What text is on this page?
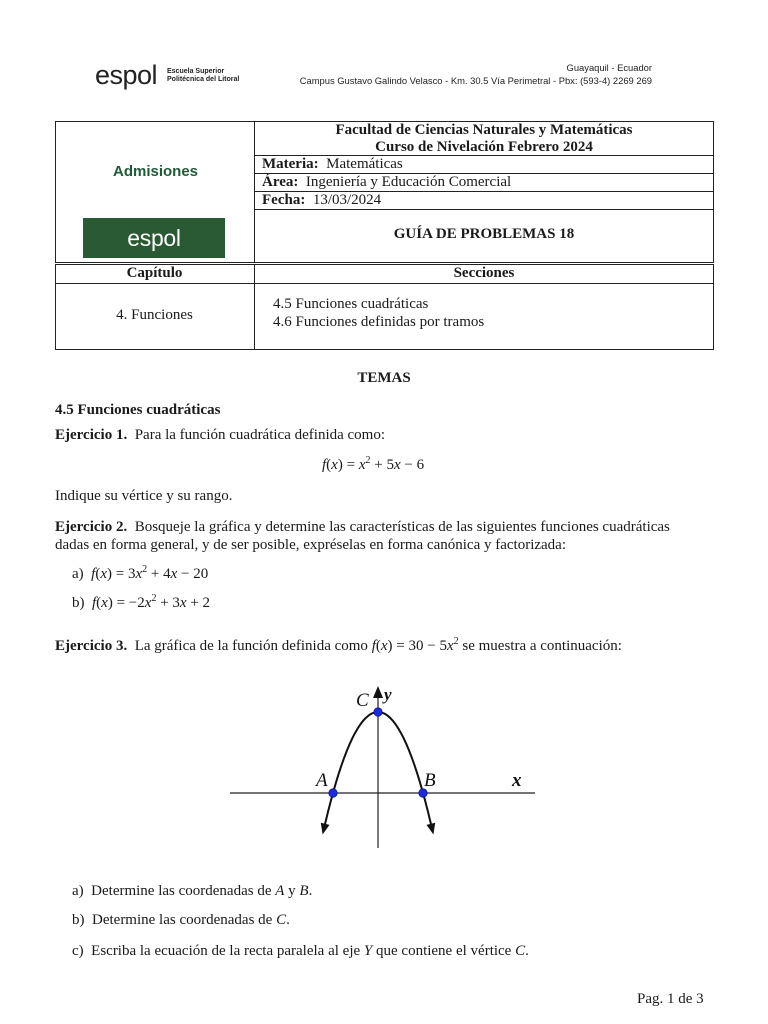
espol Escuela Superior
Politécnica del Litoral
Guayaquil - Ecuador
Campus Gustavo Galindo Velasco - Km. 30.5 Vía Perimetral - Pbx: (593-4) 2269 269
Admisiones
espol
Facultad de Ciencias Naturales y Matemáticas
Curso de Nivelación Febrero 2024
Materia: Matemáticas
Área: Ingeniería y Educación Comercial
Fecha: 13/03/2024
GUÍA DE PROBLEMAS 18
Capítulo	Secciones
4. Funciones
4.5 Funciones cuadráticas
4.6 Funciones definidas por tramos
TEMAS
4.5 Funciones cuadráticas
Ejercicio 1. Para la función cuadrática definida como:
$f(x) = x^2 + 5x - 6$
Indique su vértice y su rango.
Ejercicio 2. Bosqueje la gráfica y determine las características de las siguientes funciones cuadráticas
dadas en forma general, y de ser posible, expréselas en forma canónica y factorizada:
a) $f(x) = 3x^2 + 4x - 20$
b) $f(x) = -2x^2 + 3x + 2$
Ejercicio 3. La gráfica de la función definida como $f(x) = 30 - 5x^2$ se muestra a continuación:
A	B
C
x
y
a) Determine las coordenadas de A y B.
b) Determine las coordenadas de C.
c) Escriba la ecuación de la recta paralela al eje Y que contiene el vértice C.
Pag. 1 de 3
